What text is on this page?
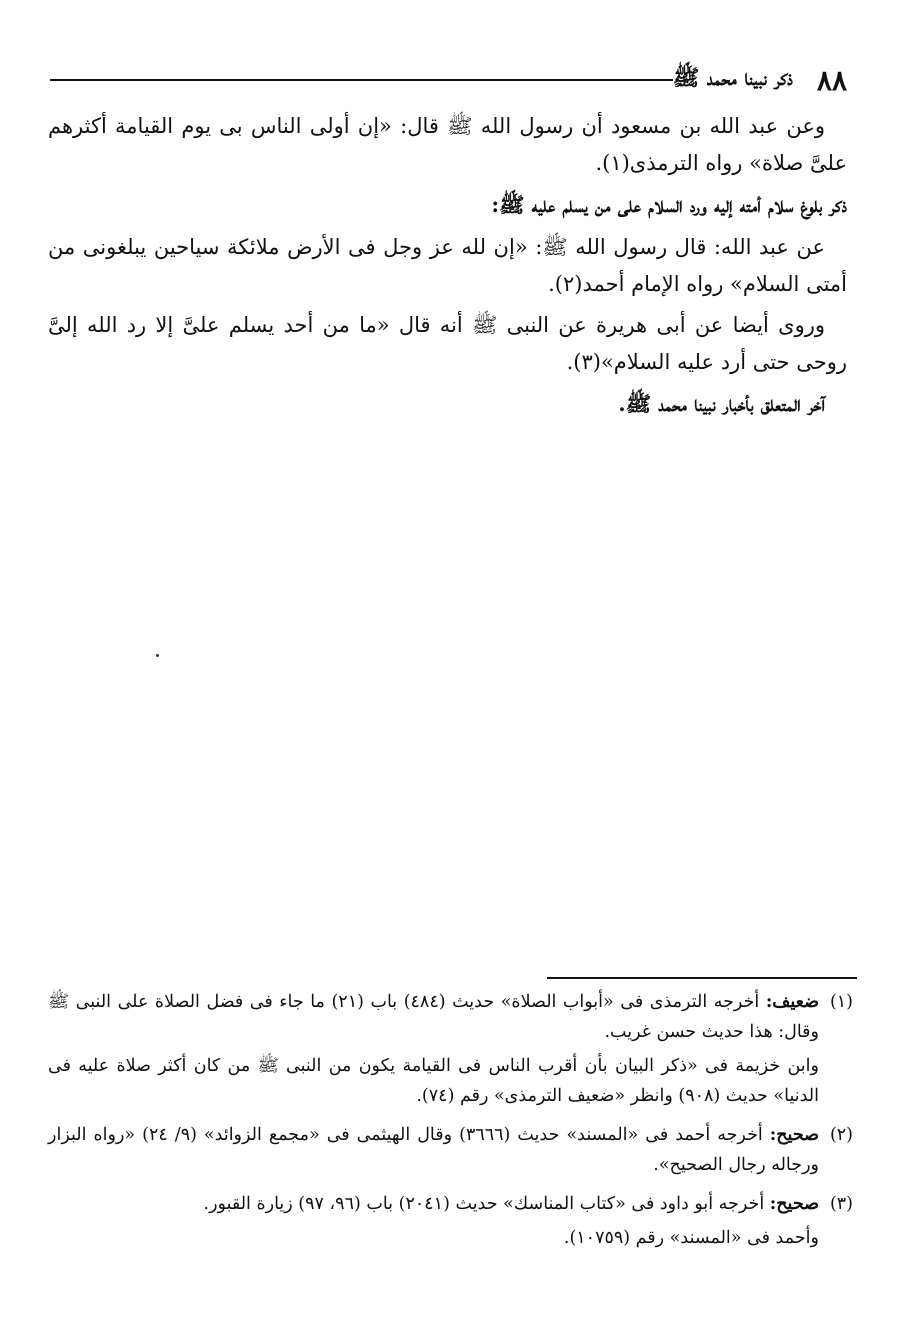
٨٨
ذكر نبينا محمد ﷺ

وعن عبد الله بن مسعود أن رسول الله ﷺ قال: «إن أولى الناس بى يوم القيامة أكثرهم علىَّ صلاة» رواه الترمذى(١).

ذكر بلوغ سلام أمته إليه ورد السلام على من يسلم عليه ﷺ:

عن عبد الله: قال رسول الله ﷺ: «إن لله عز وجل فى الأرض ملائكة سياحين يبلغونى من أمتى السلام» رواه الإمام أحمد(٢).

وروى أيضا عن أبى هريرة عن النبى ﷺ أنه قال «ما من أحد يسلم علىَّ إلا رد الله إلىَّ روحى حتى أرد عليه السلام»(٣).

آخر المتعلق بأخبار نبينا محمد ﷺ.

(١)

ضعيف: أخرجه الترمذى فى «أبواب الصلاة» حديث (٤٨٤) باب (٢١) ما جاء فى فضل الصلاة على النبى ﷺ وقال: هذا حديث حسن غريب.

وابن خزيمة فى «ذكر البيان بأن أقرب الناس فى القيامة يكون من النبى ﷺ من كان أكثر صلاة عليه فى الدنيا» حديث (٩٠٨) وانظر «ضعيف الترمذى» رقم (٧٤).

(٢)

صحيح: أخرجه أحمد فى «المسند» حديث (٣٦٦٦) وقال الهيثمى فى «مجمع الزوائد» (٩/ ٢٤) «رواه البزار ورجاله رجال الصحيح».

(٣)

صحيح: أخرجه أبو داود فى «كتاب المناسك» حديث (٢٠٤١) باب (٩٦، ٩٧) زيارة القبور.

وأحمد فى «المسند» رقم (١٠٧٥٩).
